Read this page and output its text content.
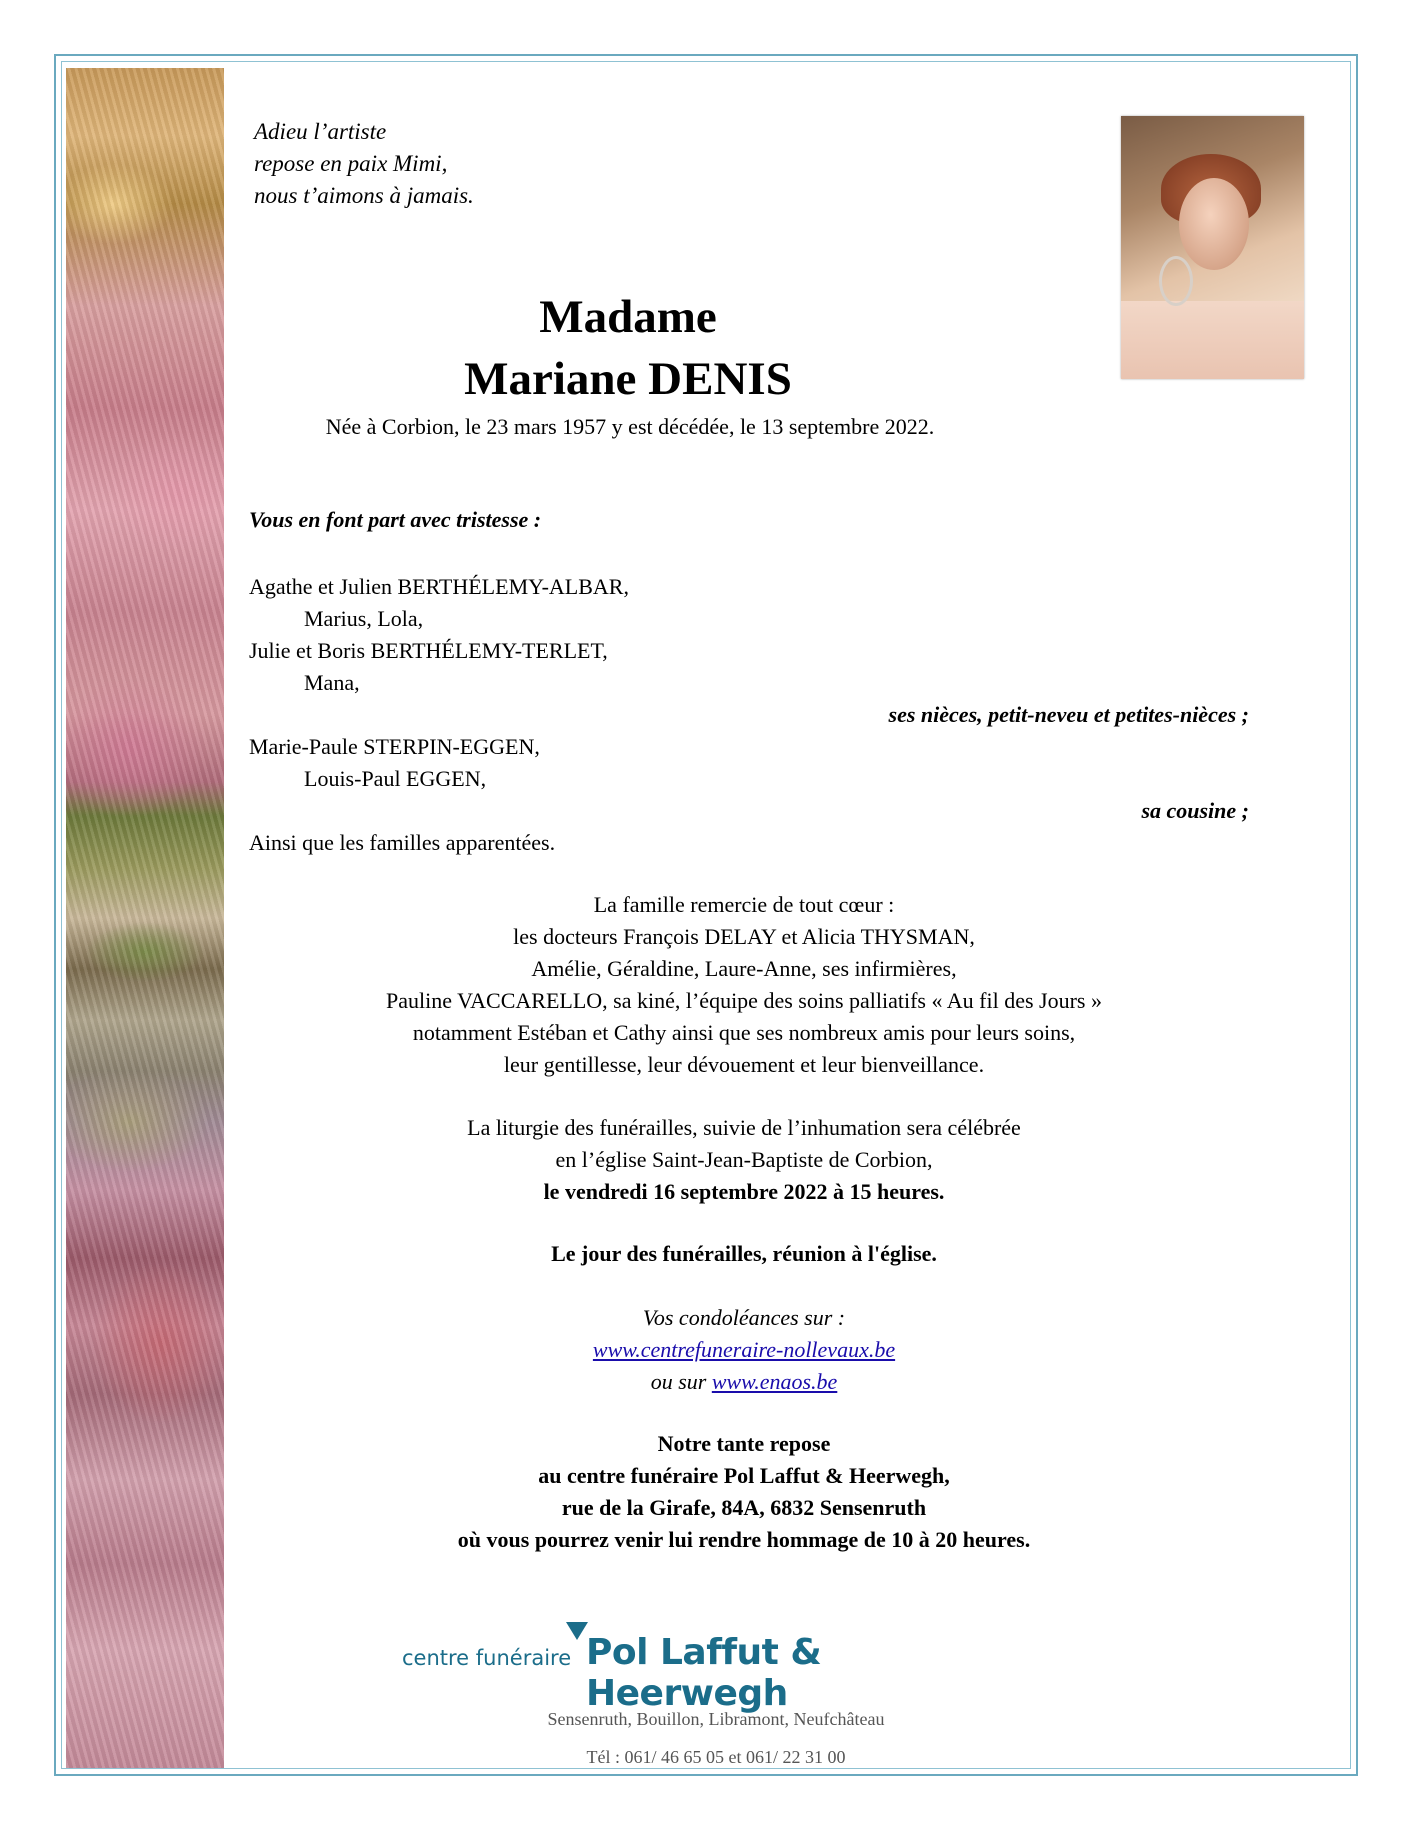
Adieu l’artiste
repose en paix Mimi,
nous t’aimons à jamais.
Madame
Mariane DENIS
Née à Corbion, le 23 mars 1957 y est décédée, le 13 septembre 2022.
Vous en font part avec tristesse :
Agathe et Julien BERTHÉLEMY-ALBAR,
Marius, Lola,
Julie et Boris BERTHÉLEMY-TERLET,
Mana,
ses nièces, petit-neveu et petites-nièces ;
Marie-Paule STERPIN-EGGEN,
Louis-Paul EGGEN,
sa cousine ;
Ainsi que les familles apparentées.
La famille remercie de tout cœur :
les docteurs François DELAY et Alicia THYSMAN,
Amélie, Géraldine, Laure-Anne, ses infirmières,
Pauline VACCARELLO, sa kiné, l’équipe des soins palliatifs « Au fil des Jours »
notamment Estéban et Cathy ainsi que ses nombreux amis pour leurs soins,
leur gentillesse, leur dévouement et leur bienveillance.
La liturgie des funérailles, suivie de l’inhumation sera célébrée
en l’église Saint-Jean-Baptiste de Corbion,
le vendredi 16 septembre 2022 à 15 heures.
Le jour des funérailles, réunion à l'église.
Vos condoléances sur :
www.centrefuneraire-nollevaux.be
ou sur www.enaos.be
Notre tante repose
au centre funéraire Pol Laffut & Heerwegh,
rue de la Girafe, 84A, 6832 Sensenruth
où vous pourrez venir lui rendre hommage de 10 à 20 heures.
centre funéraire Pol Laffut & Heerwegh
Sensenruth, Bouillon, Libramont, Neufchâteau
Tél : 061/ 46 65 05 et 061/ 22 31 00
